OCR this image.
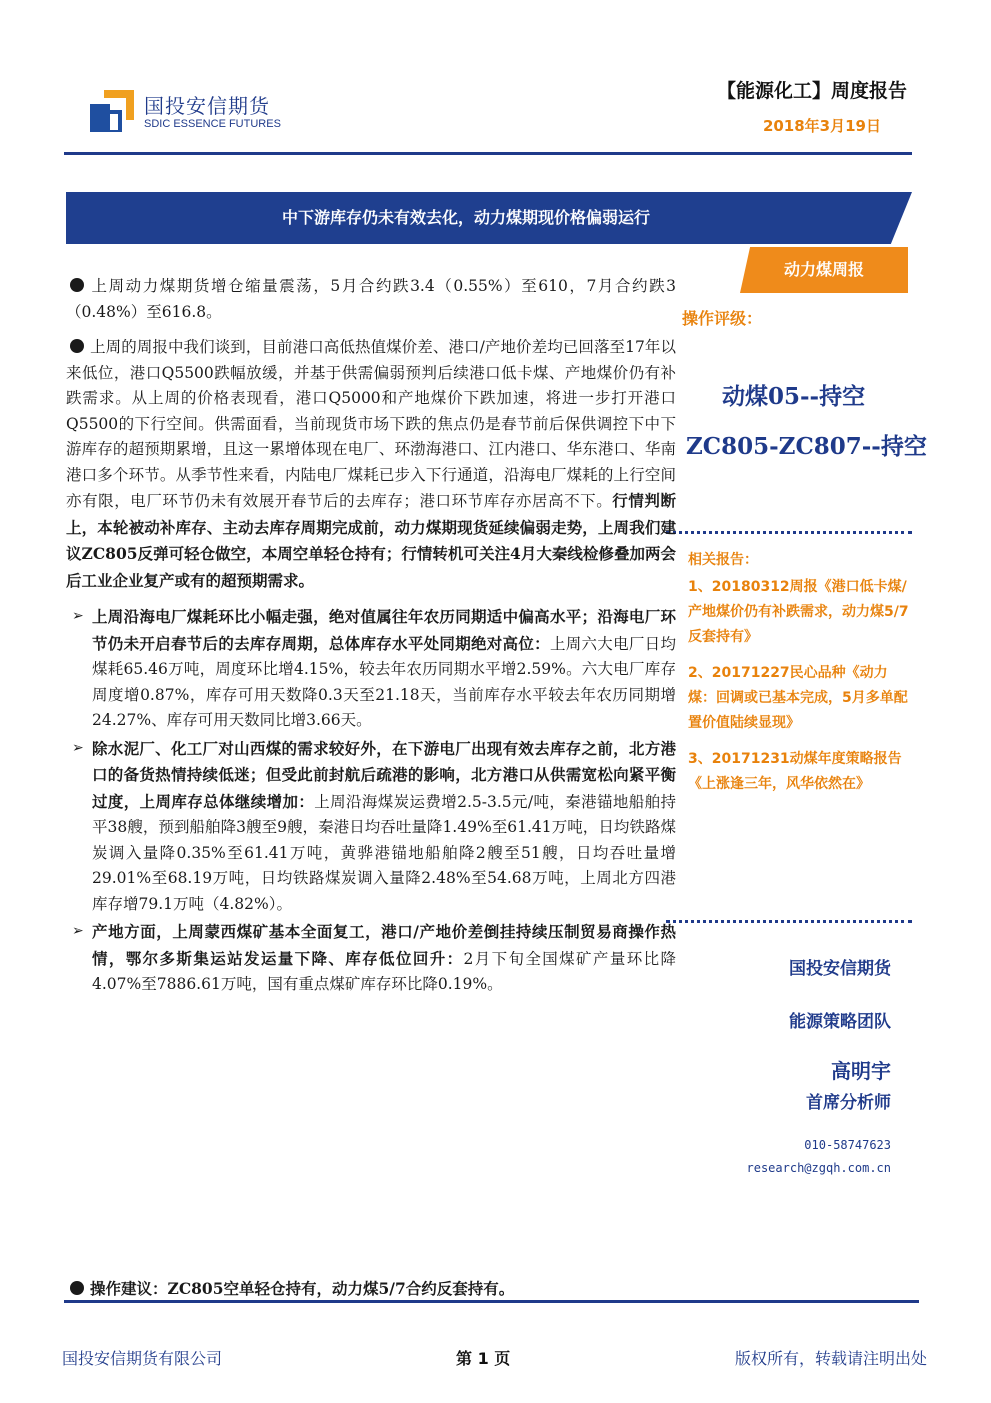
国投安信期货
SDIC ESSENCE FUTURES
【能源化工】周度报告
2018年3月19日
中下游库存仍未有效去化，动力煤期现价格偏弱运行
动力煤周报
操作评级：
动煤05--持空
ZC805-ZC807--持空
相关报告：
1、20180312周报《港口低卡煤/产地煤价仍有补跌需求，动力煤5/7反套持有》
2、20171227民心品种《动力煤：回调或已基本完成，5月多单配置价值陆续显现》
3、20171231动煤年度策略报告《上涨逢三年，风华依然在》
国投安信期货
能源策略团队
高明宇
首席分析师
010-58747623
research@zgqh.com.cn

上周动力煤期货增仓缩量震荡，5月合约跌3.4（0.55%）至610，7月合约跌3（0.48%）至616.8。

上周的周报中我们谈到，目前港口高低热值煤价差、港口/产地价差均已回落至17年以来低位，港口Q5500跌幅放缓，并基于供需偏弱预判后续港口低卡煤、产地煤价仍有补跌需求。从上周的价格表现看，港口Q5000和产地煤价下跌加速，将进一步打开港口Q5500的下行空间。供需面看，当前现货市场下跌的焦点仍是春节前后保供调控下中下游库存的超预期累增，且这一累增体现在电厂、环渤海港口、江内港口、华东港口、华南港口多个环节。从季节性来看，内陆电厂煤耗已步入下行通道，沿海电厂煤耗的上行空间亦有限，电厂环节仍未有效展开春节后的去库存；港口环节库存亦居高不下。行情判断上，本轮被动补库存、主动去库存周期完成前，动力煤期现货延续偏弱走势，上周我们建议ZC805反弹可轻仓做空，本周空单轻仓持有；行情转机可关注4月大秦线检修叠加两会后工业企业复产或有的超预期需求。

➢ 上周沿海电厂煤耗环比小幅走强，绝对值属往年农历同期适中偏高水平；沿海电厂环节仍未开启春节后的去库存周期，总体库存水平处同期绝对高位：上周六大电厂日均煤耗65.46万吨，周度环比增4.15%，较去年农历同期水平增2.59%。六大电厂库存周度增0.87%，库存可用天数降0.3天至21.18天，当前库存水平较去年农历同期增24.27%、库存可用天数同比增3.66天。
➢ 除水泥厂、化工厂对山西煤的需求较好外，在下游电厂出现有效去库存之前，北方港口的备货热情持续低迷；但受此前封航后疏港的影响，北方港口从供需宽松向紧平衡过度，上周库存总体继续增加：上周沿海煤炭运费增2.5-3.5元/吨，秦港锚地船舶持平38艘，预到船舶降3艘至9艘，秦港日均吞吐量降1.49%至61.41万吨，日均铁路煤炭调入量降0.35%至61.41万吨，黄骅港锚地船舶降2艘至51艘，日均吞吐量增29.01%至68.19万吨，日均铁路煤炭调入量降2.48%至54.68万吨，上周北方四港库存增79.1万吨（4.82%）。
➢ 产地方面，上周蒙西煤矿基本全面复工，港口/产地价差倒挂持续压制贸易商操作热情，鄂尔多斯集运站发运量下降、库存低位回升：2月下旬全国煤矿产量环比降4.07%至7886.61万吨，国有重点煤矿库存环比降0.19%。
操作建议：ZC805空单轻仓持有，动力煤5/7合约反套持有。
国投安信期货有限公司	第 1 页	版权所有，转载请注明出处
